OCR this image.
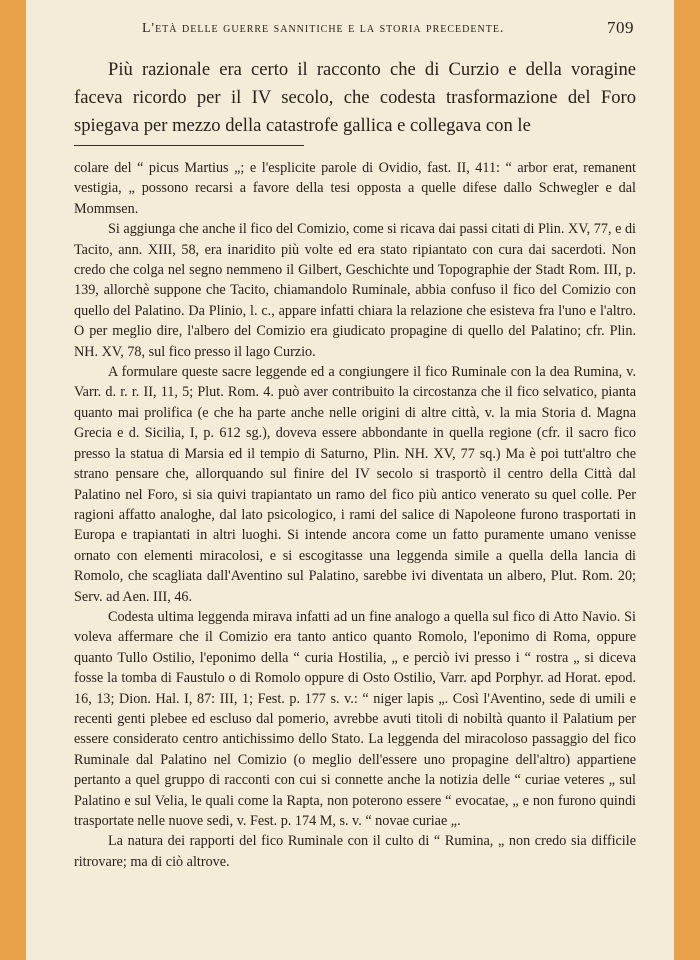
L'età delle guerre sannitiche e la storia precedente.	709

Più razionale era certo il racconto che di Curzio e della voragine faceva ricordo per il IV secolo, che codesta trasformazione del Foro spiegava per mezzo della catastrofe gallica e collegava con le

colare del “ picus Martius „; e l'esplicite parole di Ovidio, fast. II, 411: “ arbor erat, remanent vestigia, „ possono recarsi a favore della tesi opposta a quelle difese dallo Schwegler e dal Mommsen.

Si aggiunga che anche il fico del Comizio, come si ricava dai passi citati di Plin. XV, 77, e di Tacito, ann. XIII, 58, era inaridito più volte ed era stato ripiantato con cura dai sacerdoti. Non credo che colga nel segno nemmeno il Gilbert, Geschichte und Topographie der Stadt Rom. III, p. 139, allorchè suppone che Tacito, chiamandolo Ruminale, abbia confuso il fico del Comizio con quello del Palatino. Da Plinio, l. c., appare infatti chiara la relazione che esisteva fra l'uno e l'altro. O per meglio dire, l'albero del Comizio era giudicato propagine di quello del Palatino; cfr. Plin. NH. XV, 78, sul fico presso il lago Curzio.

A formulare queste sacre leggende ed a congiungere il fico Ruminale con la dea Rumina, v. Varr. d. r. r. II, 11, 5; Plut. Rom. 4. può aver contribuito la circostanza che il fico selvatico, pianta quanto mai prolifica (e che ha parte anche nelle origini di altre città, v. la mia Storia d. Magna Grecia e d. Sicilia, I, p. 612 sg.), doveva essere abbondante in quella regione (cfr. il sacro fico presso la statua di Marsia ed il tempio di Saturno, Plin. NH. XV, 77 sq.) Ma è poi tutt'altro che strano pensare che, allorquando sul finire del IV secolo si trasportò il centro della Città dal Palatino nel Foro, si sia quivi trapiantato un ramo del fico più antico venerato su quel colle. Per ragioni affatto analoghe, dal lato psicologico, i rami del salice di Napoleone furono trasportati in Europa e trapiantati in altri luoghi. Si intende ancora come un fatto puramente umano venisse ornato con elementi miracolosi, e si escogitasse una leggenda simile a quella della lancia di Romolo, che scagliata dall'Aventino sul Palatino, sarebbe ivi diventata un albero, Plut. Rom. 20; Serv. ad Aen. III, 46.

Codesta ultima leggenda mirava infatti ad un fine analogo a quella sul fico di Atto Navio. Si voleva affermare che il Comizio era tanto antico quanto Romolo, l'eponimo di Roma, oppure quanto Tullo Ostilio, l'eponimo della “ curia Hostilia, „ e perciò ivi presso i “ rostra „ si diceva fosse la tomba di Faustulo o di Romolo oppure di Osto Ostilio, Varr. apd Porphyr. ad Horat. epod. 16, 13; Dion. Hal. I, 87: III, 1; Fest. p. 177 s. v.: “ niger lapis „. Così l'Aventino, sede di umili e recenti genti plebee ed escluso dal pomerio, avrebbe avuti titoli di nobiltà quanto il Palatium per essere considerato centro antichissimo dello Stato. La leggenda del miracoloso passaggio del fico Ruminale dal Palatino nel Comizio (o meglio dell'essere uno propagine dell'altro) appartiene pertanto a quel gruppo di racconti con cui si connette anche la notizia delle “ curiae veteres „ sul Palatino e sul Velia, le quali come la Rapta, non poterono essere “ evocatae, „ e non furono quindi trasportate nelle nuove sedi, v. Fest. p. 174 M, s. v. “ novae curiae „.

La natura dei rapporti del fico Ruminale con il culto di “ Rumina, „ non credo sia difficile ritrovare; ma di ciò altrove.
